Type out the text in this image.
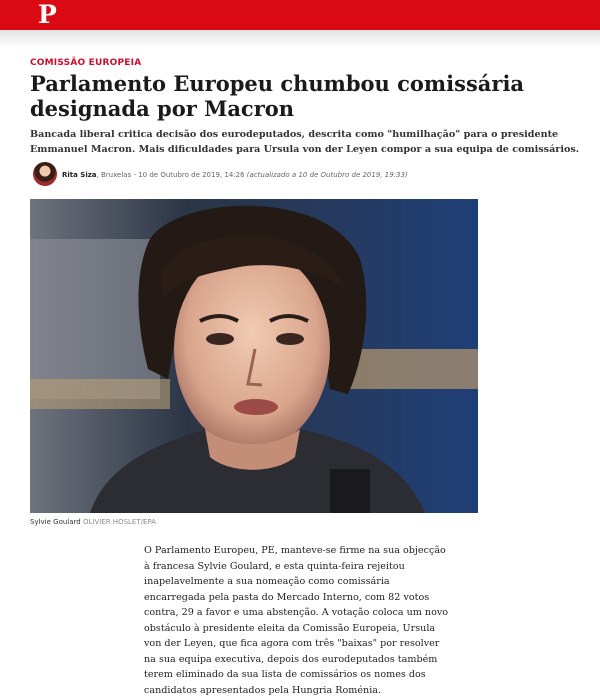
P
COMISSÃO EUROPEIA
Parlamento Europeu chumbou comissária designada por Macron

Bancada liberal critica decisão dos eurodeputados, descrita como "humilhação" para o presidente Emmanuel Macron. Mais dificuldades para Ursula von der Leyen compor a sua equipa de comissários.

Rita Siza, Bruxelas - 10 de Outubro de 2019, 14:26 (actualizado a 10 de Outubro de 2019, 19:33)
Sylvie Goulard OLIVIER HOSLET/EPA

O Parlamento Europeu, PE, manteve-se firme na sua objecção à francesa Sylvie Goulard, e esta quinta-feira rejeitou inapelavelmente a sua nomeação como comissária encarregada pela pasta do Mercado Interno, com 82 votos contra, 29 a favor e uma abstenção. A votação coloca um novo obstáculo à presidente eleita da Comissão Europeia, Ursula von der Leyen, que fica agora com três "baixas" por resolver na sua equipa executiva, depois dos eurodeputados também terem eliminado da sua lista de comissários os nomes dos candidatos apresentados pela Hungria Roménia.
